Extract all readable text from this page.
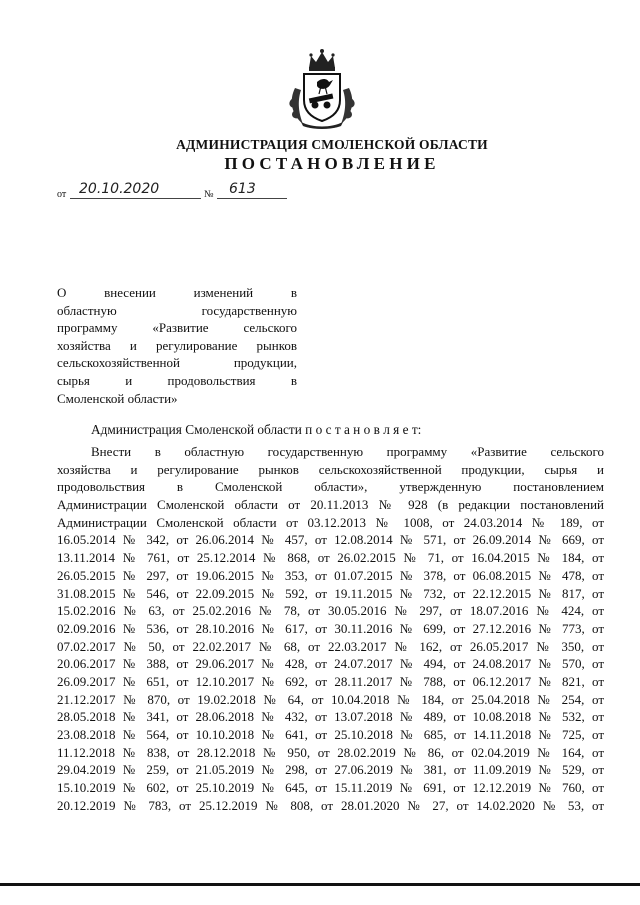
АДМИНИСТРАЦИЯ СМОЛЕНСКОЙ ОБЛАСТИ
ПОСТАНОВЛЕНИЕ
от 20.10.2020	№ 613
О внесении изменений в
областную государственную
программу «Развитие сельского
хозяйства и регулирование рынков
сельскохозяйственной продукции,
сырья и продовольствия в
Смоленской области»
Администрация Смоленской области п о с т а н о в л я е т:
Внести в областную государственную программу «Развитие сельского
хозяйства и регулирование рынков сельскохозяйственной продукции, сырья и
продовольствия в Смоленской области», утвержденную постановлением
Администрации Смоленской области от 20.11.2013 № 928 (в редакции постановлений
Администрации Смоленской области от 03.12.2013 № 1008, от 24.03.2014 № 189, от
16.05.2014 № 342, от 26.06.2014 № 457, от 12.08.2014 № 571, от 26.09.2014 № 669, от
13.11.2014 № 761, от 25.12.2014 № 868, от 26.02.2015 № 71, от 16.04.2015 № 184, от
26.05.2015 № 297, от 19.06.2015 № 353, от 01.07.2015 № 378, от 06.08.2015 № 478, от
31.08.2015 № 546, от 22.09.2015 № 592, от 19.11.2015 № 732, от 22.12.2015 № 817, от
15.02.2016 № 63, от 25.02.2016 № 78, от 30.05.2016 № 297, от 18.07.2016 № 424, от
02.09.2016 № 536, от 28.10.2016 № 617, от 30.11.2016 № 699, от 27.12.2016 № 773, от
07.02.2017 № 50, от 22.02.2017 № 68, от 22.03.2017 № 162, от 26.05.2017 № 350, от
20.06.2017 № 388, от 29.06.2017 № 428, от 24.07.2017 № 494, от 24.08.2017 № 570, от
26.09.2017 № 651, от 12.10.2017 № 692, от 28.11.2017 № 788, от 06.12.2017 № 821, от
21.12.2017 № 870, от 19.02.2018 № 64, от 10.04.2018 № 184, от 25.04.2018 № 254, от
28.05.2018 № 341, от 28.06.2018 № 432, от 13.07.2018 № 489, от 10.08.2018 № 532, от
23.08.2018 № 564, от 10.10.2018 № 641, от 25.10.2018 № 685, от 14.11.2018 № 725, от
11.12.2018 № 838, от 28.12.2018 № 950, от 28.02.2019 № 86, от 02.04.2019 № 164, от
29.04.2019 № 259, от 21.05.2019 № 298, от 27.06.2019 № 381, от 11.09.2019 № 529, от
15.10.2019 № 602, от 25.10.2019 № 645, от 15.11.2019 № 691, от 12.12.2019 № 760, от
20.12.2019 № 783, от 25.12.2019 № 808, от 28.01.2020 № 27, от 14.02.2020 № 53, от
